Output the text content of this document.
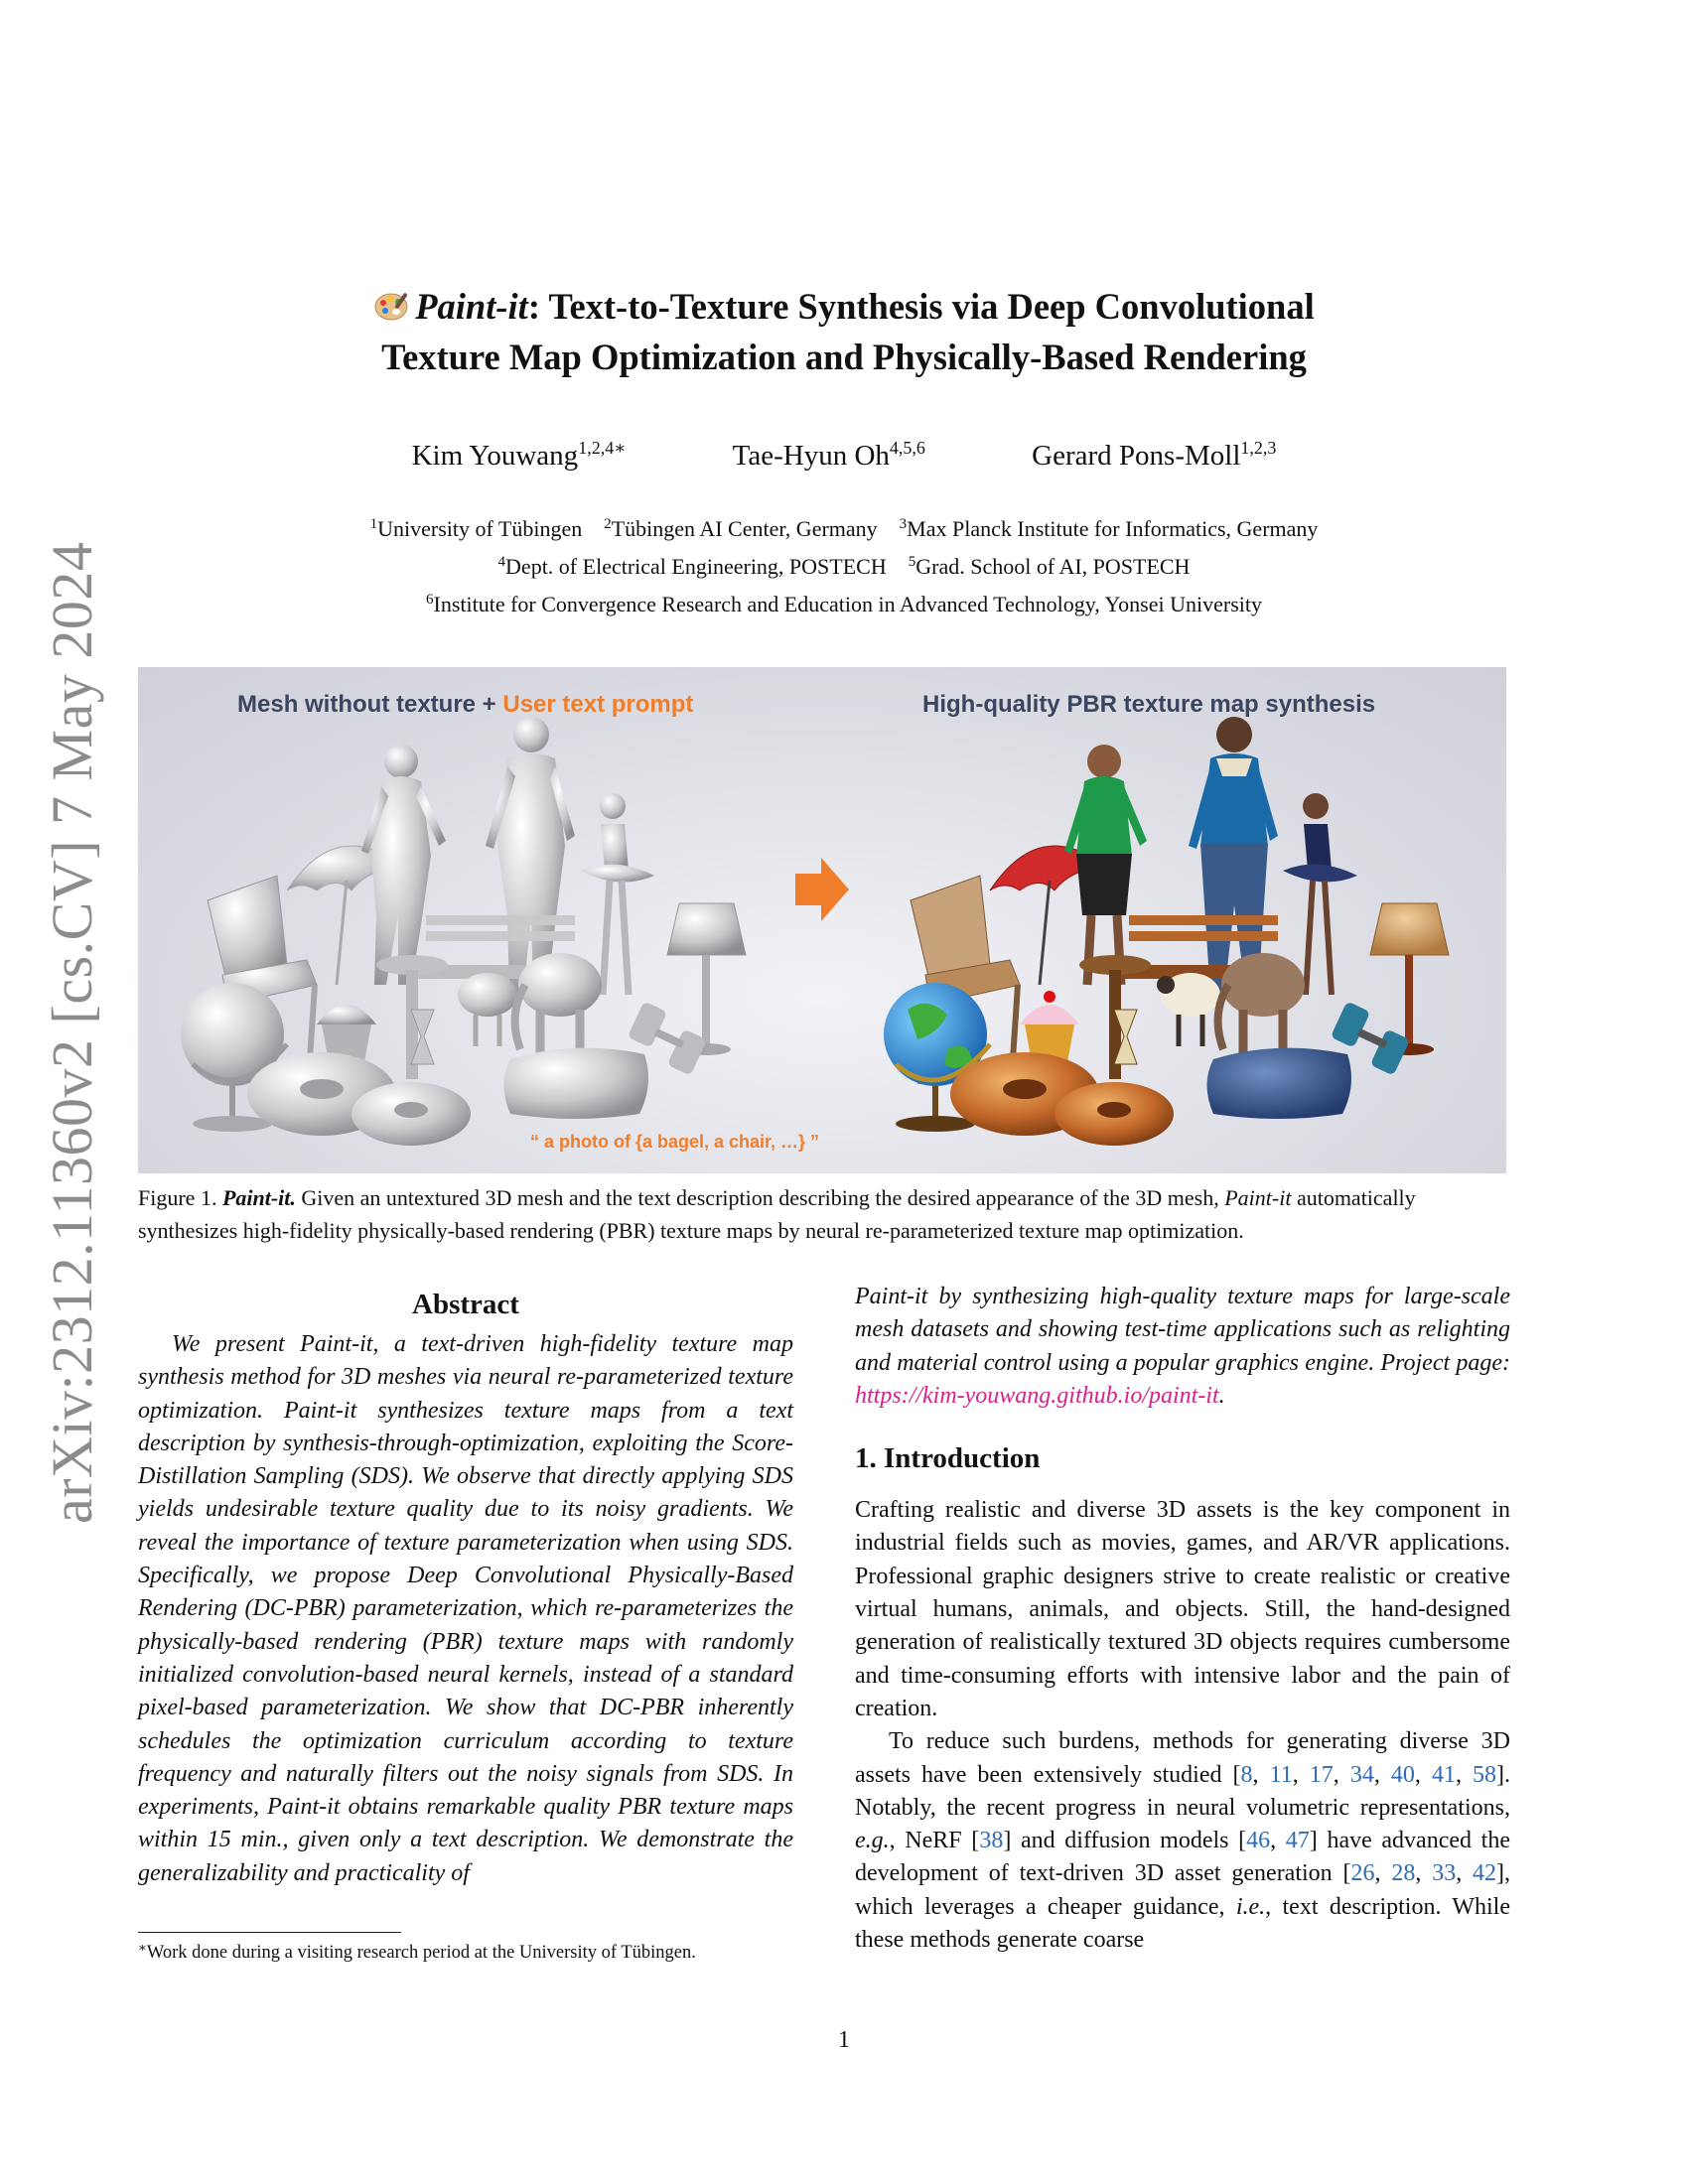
arXiv:2312.11360v2 [cs.CV] 7 May 2024
Paint-it: Text-to-Texture Synthesis via Deep Convolutional
Texture Map Optimization and Physically-Based Rendering
Kim Youwang$^{1,2,4∗}$	Tae-Hyun Oh$^{4,5,6}$	Gerard Pons-Moll$^{1,2,3}$
$^1$University of Tübingen $^2$Tübingen AI Center, Germany $^3$Max Planck Institute for Informatics, Germany
$^4$Dept. of Electrical Engineering, POSTECH $^5$Grad. School of AI, POSTECH
$^6$Institute for Convergence Research and Education in Advanced Technology, Yonsei University
Mesh without texture + User text prompt	High-quality PBR texture map synthesis
“ a photo of {a bagel, a chair, …} ”
Figure 1. Paint-it. Given an untextured 3D mesh and the text description describing the desired appearance of the 3D mesh, Paint-it automatically synthesizes high-fidelity physically-based rendering (PBR) texture maps by neural re-parameterized texture map optimization.
Abstract

We present Paint-it, a text-driven high-fidelity texture map synthesis method for 3D meshes via neural re-parameterized texture optimization. Paint-it synthesizes texture maps from a text description by synthesis-through-optimization, exploiting the Score-Distillation Sampling (SDS). We observe that directly applying SDS yields undesirable texture quality due to its noisy gradients. We reveal the importance of texture parameterization when using SDS. Specifically, we propose Deep Convolutional Physically-Based Rendering (DC-PBR) parameterization, which re-parameterizes the physically-based rendering (PBR) texture maps with randomly initialized convolution-based neural kernels, instead of a standard pixel-based parameterization. We show that DC-PBR inherently schedules the optimization curriculum according to texture frequency and naturally filters out the noisy signals from SDS. In experiments, Paint-it obtains remarkable quality PBR texture maps within 15 min., given only a text description. We demonstrate the generalizability and practicality of

Paint-it by synthesizing high-quality texture maps for large-scale mesh datasets and showing test-time applications such as relighting and material control using a popular graphics engine. Project page: https://kim-youwang.github.io/paint-it.

1. Introduction

Crafting realistic and diverse 3D assets is the key component in industrial fields such as movies, games, and AR/VR applications. Professional graphic designers strive to create realistic or creative virtual humans, animals, and objects. Still, the hand-designed generation of realistically textured 3D objects requires cumbersome and time-consuming efforts with intensive labor and the pain of creation.

To reduce such burdens, methods for generating diverse 3D assets have been extensively studied [8, 11, 17, 34, 40, 41, 58]. Notably, the recent progress in neural volumetric representations, e.g., NeRF [38] and diffusion models [46, 47] have advanced the development of text-driven 3D asset generation [26, 28, 33, 42], which leverages a cheaper guidance, i.e., text description. While these methods generate coarse

∗Work done during a visiting research period at the University of Tübingen.
1
